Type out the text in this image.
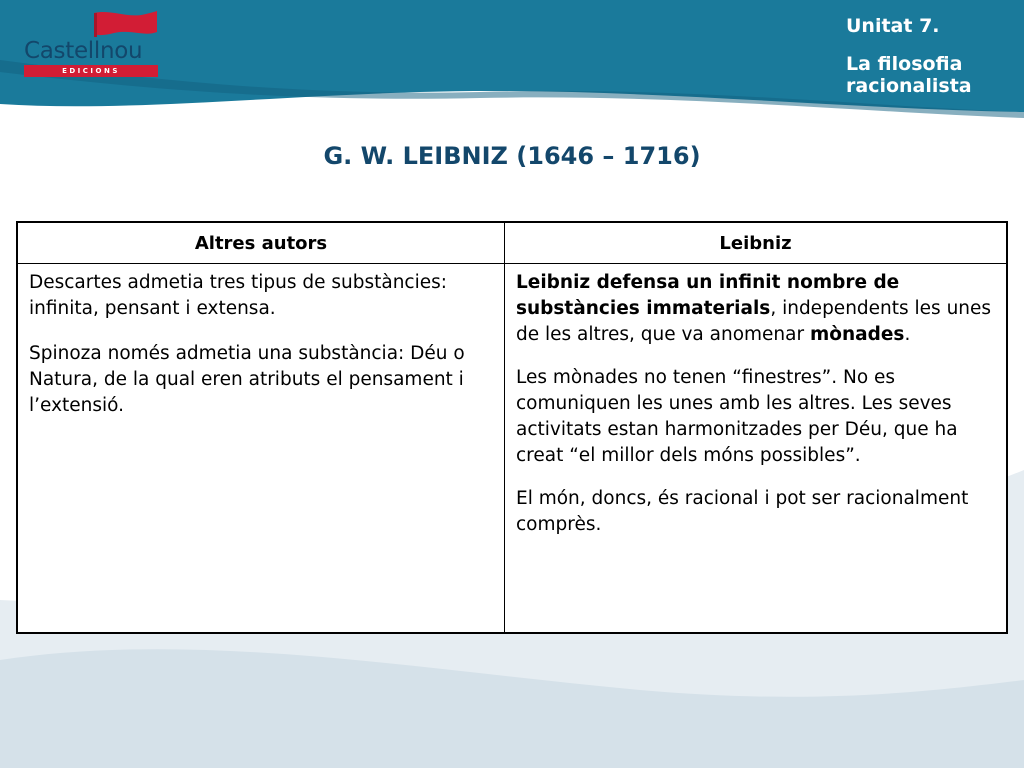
Castellnou
EDICIONS
Unitat 7.
La filosofia racionalista
G. W. LEIBNIZ (1646 – 1716)
Altres autors	Leibniz

Descartes admetia tres tipus de substàncies: infinita, pensant i extensa.

Spinoza només admetia una substància: Déu o Natura, de la qual eren atributs el pensament i l’extensió.

Leibniz defensa un infinit nombre de substàncies immaterials, independents les unes de les altres, que va anomenar mònades.

Les mònades no tenen “finestres”. No es comuniquen les unes amb les altres. Les seves activitats estan harmonitzades per Déu, que ha creat “el millor dels móns possibles”.

El món, doncs, és racional i pot ser racionalment comprès.
